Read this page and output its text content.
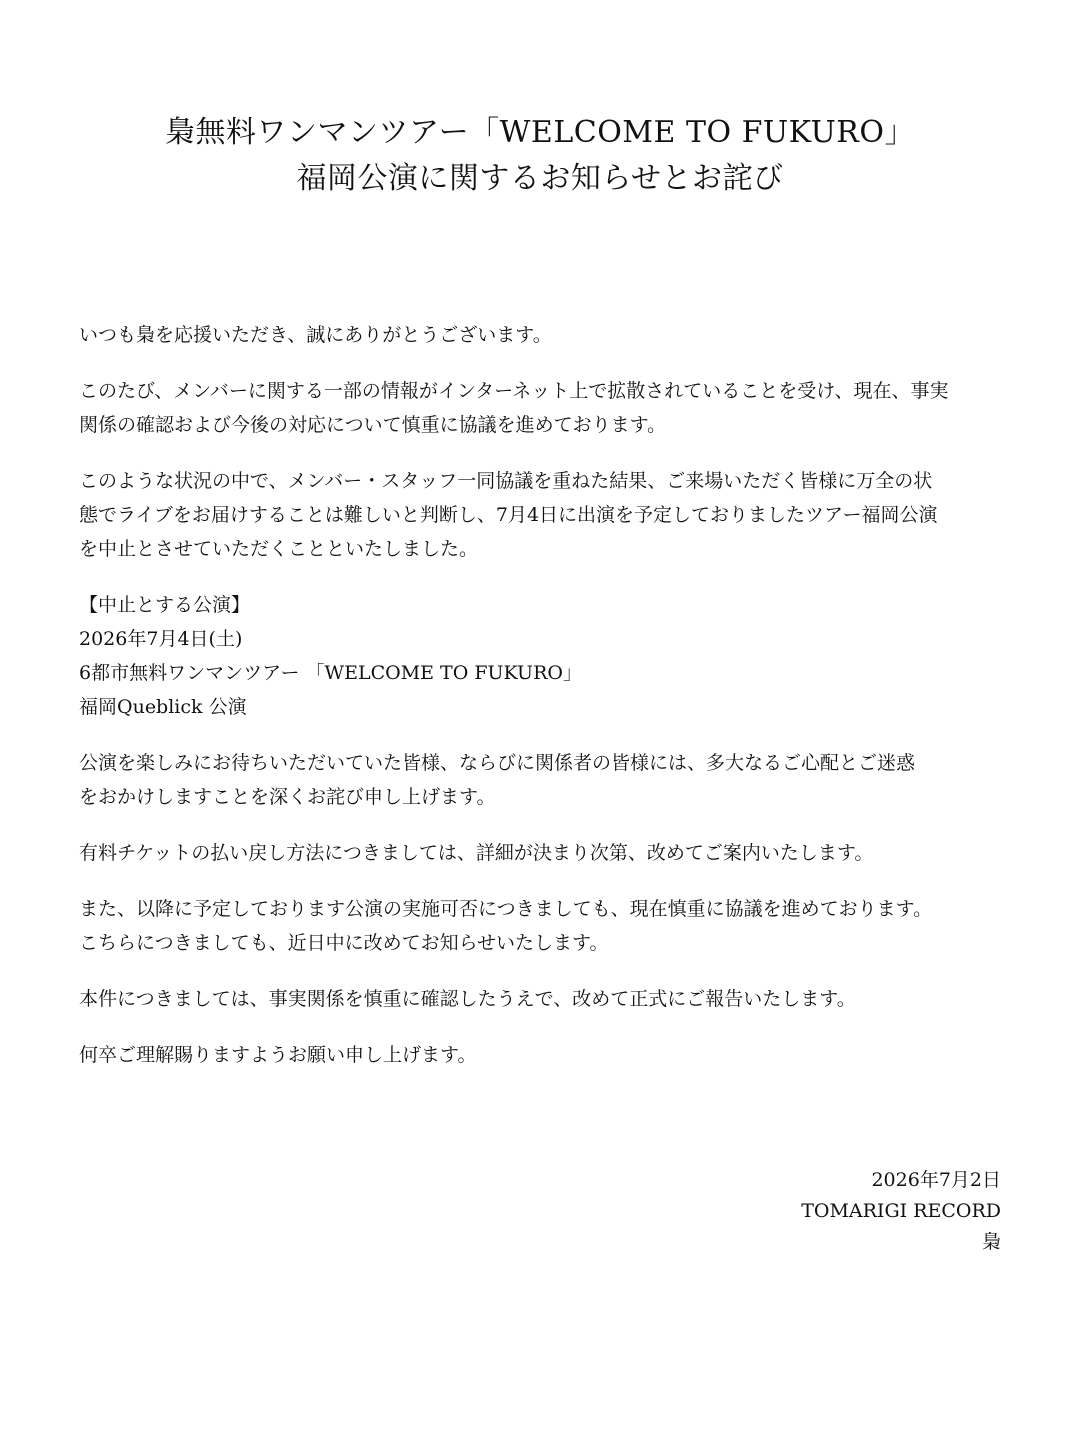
梟無料ワンマンツアー「WELCOME TO FUKURO」
福岡公演に関するお知らせとお詫び
いつも梟を応援いただき、誠にありがとうございます。
このたび、メンバーに関する一部の情報がインターネット上で拡散されていることを受け、現在、事実
関係の確認および今後の対応について慎重に協議を進めております。
このような状況の中で、メンバー・スタッフ一同協議を重ねた結果、ご来場いただく皆様に万全の状
態でライブをお届けすることは難しいと判断し、7月4日に出演を予定しておりましたツアー福岡公演
を中止とさせていただくことといたしました。
【中止とする公演】
2026年7月4日(土)
6都市無料ワンマンツアー 「WELCOME TO FUKURO」
福岡Queblick 公演
公演を楽しみにお待ちいただいていた皆様、ならびに関係者の皆様には、多大なるご心配とご迷惑
をおかけしますことを深くお詫び申し上げます。
有料チケットの払い戻し方法につきましては、詳細が決まり次第、改めてご案内いたします。
また、以降に予定しております公演の実施可否につきましても、現在慎重に協議を進めております。
こちらにつきましても、近日中に改めてお知らせいたします。
本件につきましては、事実関係を慎重に確認したうえで、改めて正式にご報告いたします。
何卒ご理解賜りますようお願い申し上げます。
2026年7月2日
TOMARIGI RECORD
梟
